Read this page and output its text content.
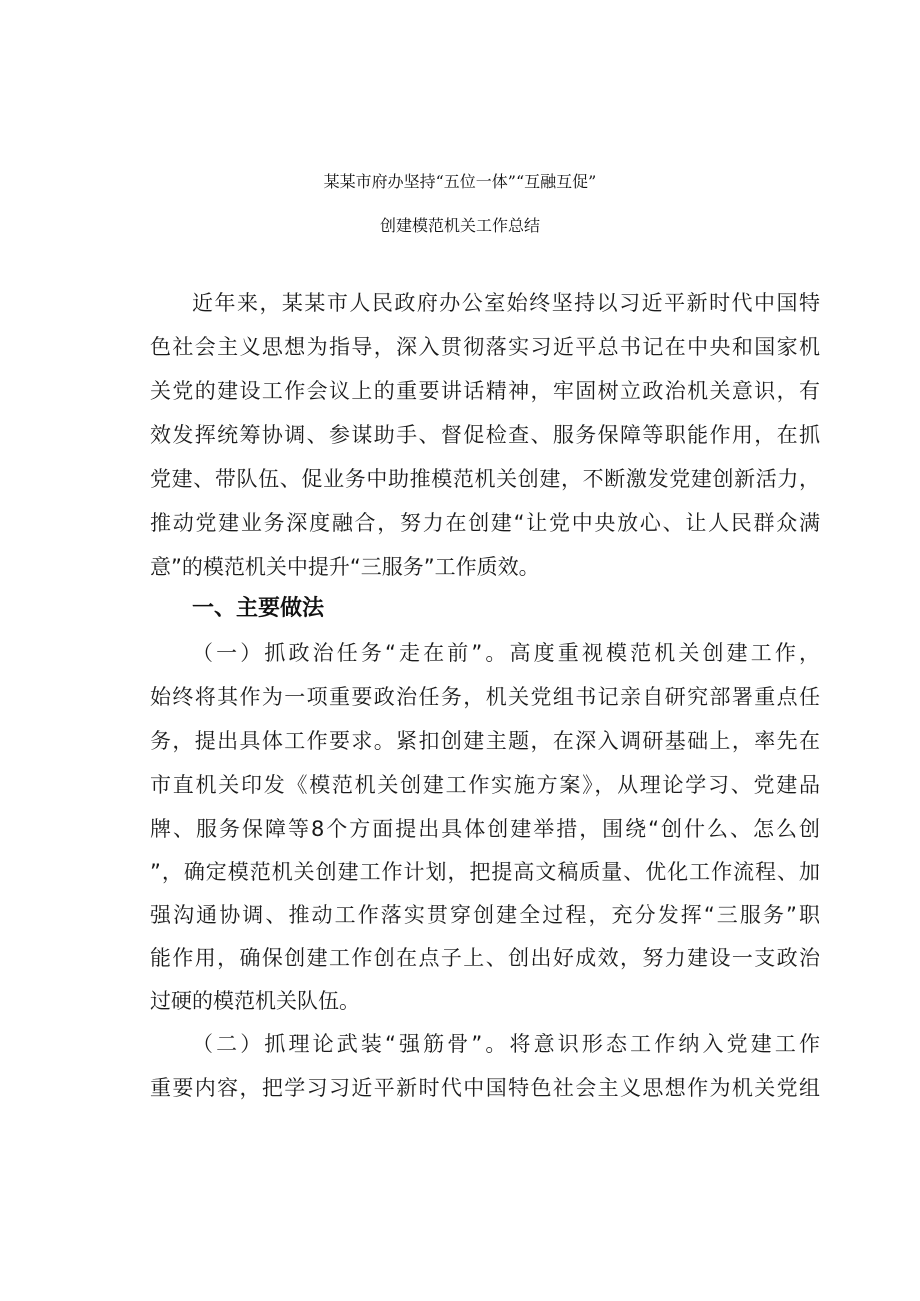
某某市府办坚持“五位一体”“互融互促”
创建模范机关工作总结
近年来，某某市人民政府办公室始终坚持以习近平新时代中国特
色社会主义思想为指导，深入贯彻落实习近平总书记在中央和国家机
关党的建设工作会议上的重要讲话精神，牢固树立政治机关意识，有
效发挥统筹协调、参谋助手、督促检查、服务保障等职能作用，在抓
党建、带队伍、促业务中助推模范机关创建，不断激发党建创新活力，
推动党建业务深度融合，努力在创建“让党中央放心、让人民群众满
意”的模范机关中提升“三服务”工作质效。
一、主要做法
（一）抓政治任务“走在前”。高度重视模范机关创建工作，
始终将其作为一项重要政治任务，机关党组书记亲自研究部署重点任
务，提出具体工作要求。紧扣创建主题，在深入调研基础上，率先在
市直机关印发《模范机关创建工作实施方案》，从理论学习、党建品
牌、服务保障等8个方面提出具体创建举措，围绕“创什么、怎么创
”，确定模范机关创建工作计划，把提高文稿质量、优化工作流程、加
强沟通协调、推动工作落实贯穿创建全过程，充分发挥“三服务”职
能作用，确保创建工作创在点子上、创出好成效，努力建设一支政治
过硬的模范机关队伍。
（二）抓理论武装“强筋骨”。将意识形态工作纳入党建工作
重要内容，把学习习近平新时代中国特色社会主义思想作为机关党组
